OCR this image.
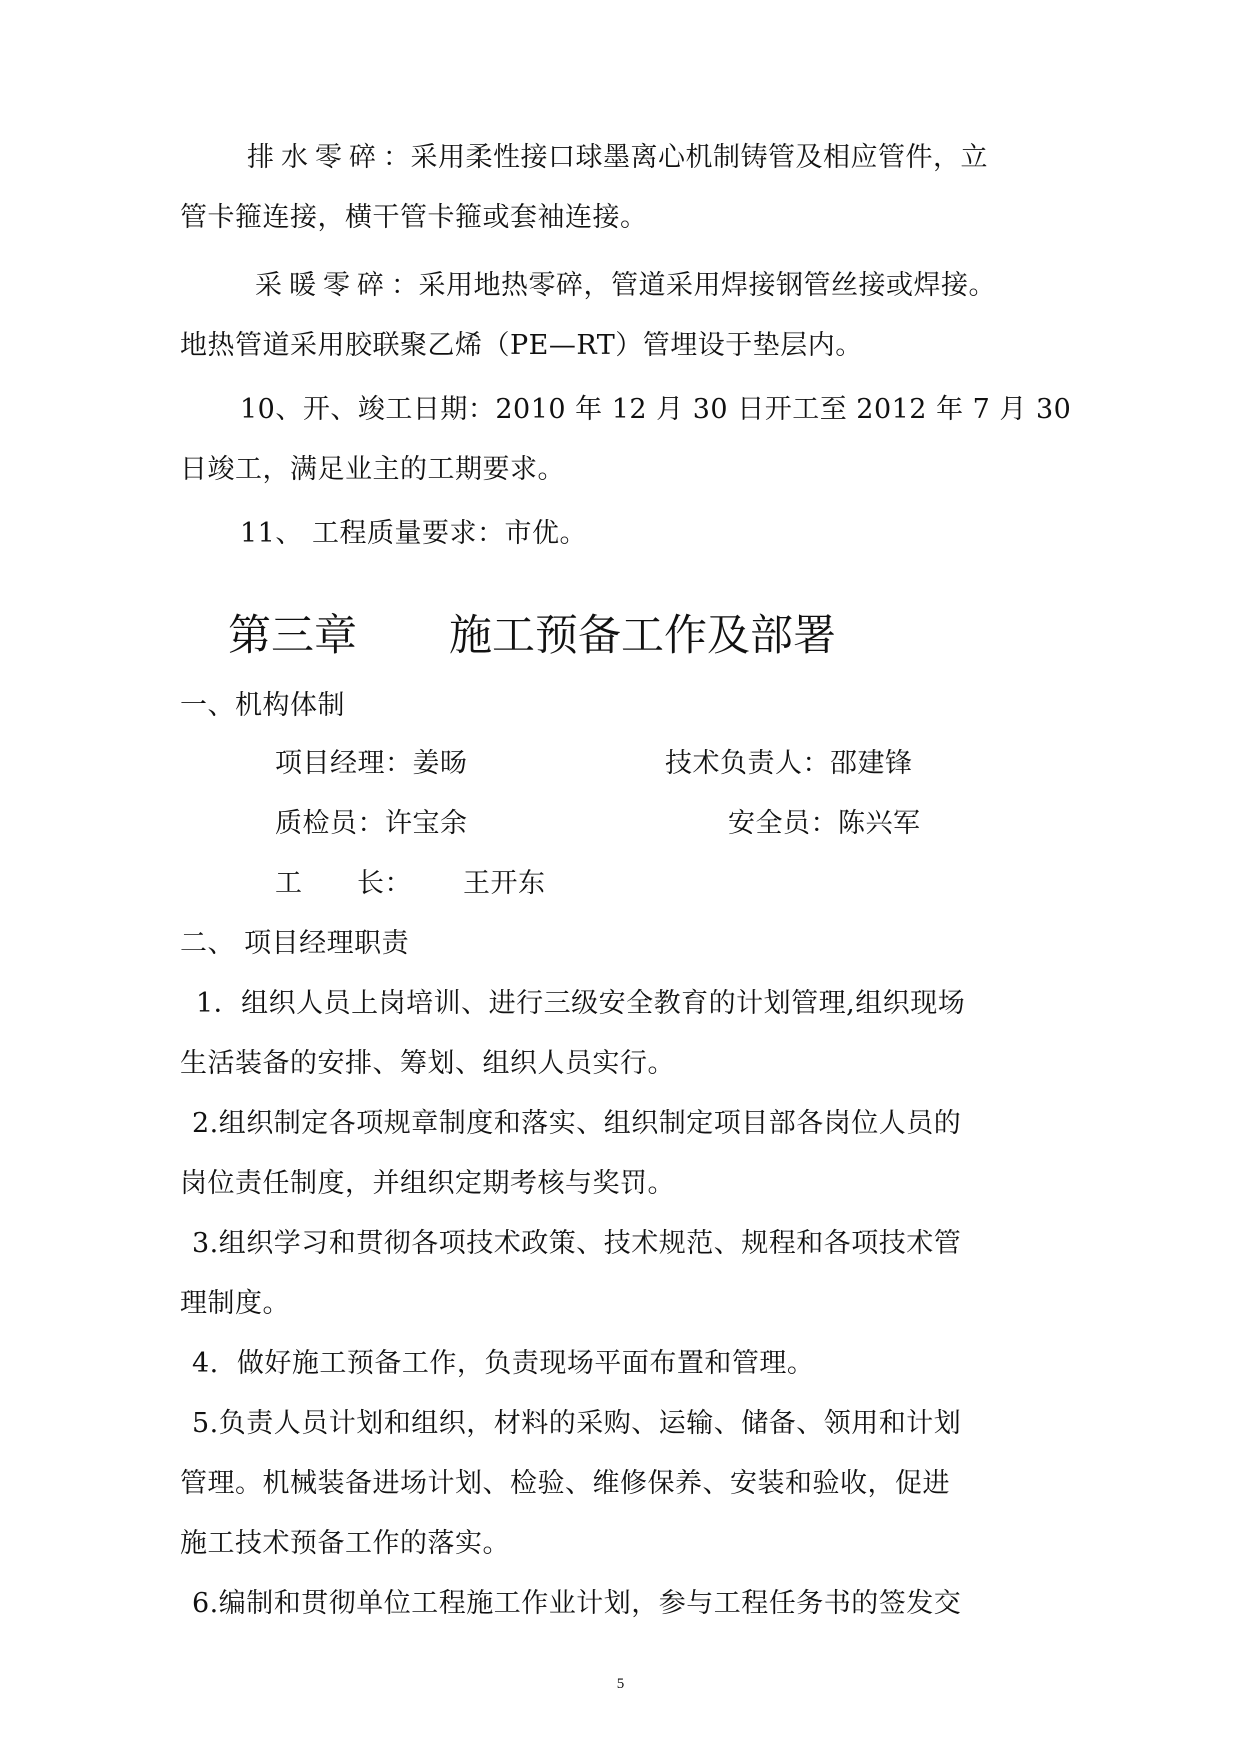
排水零碎：采用柔性接口球墨离心机制铸管及相应管件，立
管卡箍连接，横干管卡箍或套袖连接。
采暖零碎：采用地热零碎，管道采用焊接钢管丝接或焊接。
地热管道采用胶联聚乙烯（PE—RT）管埋设于垫层内。
10、开、竣工日期：2010 年 12 月 30 日开工至 2012 年 7 月 30
日竣工，满足业主的工期要求。
11、 工程质量要求：市优。
第三章 施工预备工作及部署
一、机构体制
项目经理：姜旸	技术负责人：邵建锋
质检员：许宝余	安全员：陈兴军
工      长： 王开东
二、 项目经理职责
1．组织人员上岗培训、进行三级安全教育的计划管理,组织现场
生活装备的安排、筹划、组织人员实行。
2.组织制定各项规章制度和落实、组织制定项目部各岗位人员的
岗位责任制度，并组织定期考核与奖罚。
3.组织学习和贯彻各项技术政策、技术规范、规程和各项技术管
理制度。
4.  做好施工预备工作，负责现场平面布置和管理。
5.负责人员计划和组织，材料的采购、运输、储备、领用和计划
管理。机械装备进场计划、检验、维修保养、安装和验收，促进
施工技术预备工作的落实。
6.编制和贯彻单位工程施工作业计划，参与工程任务书的签发交
5
